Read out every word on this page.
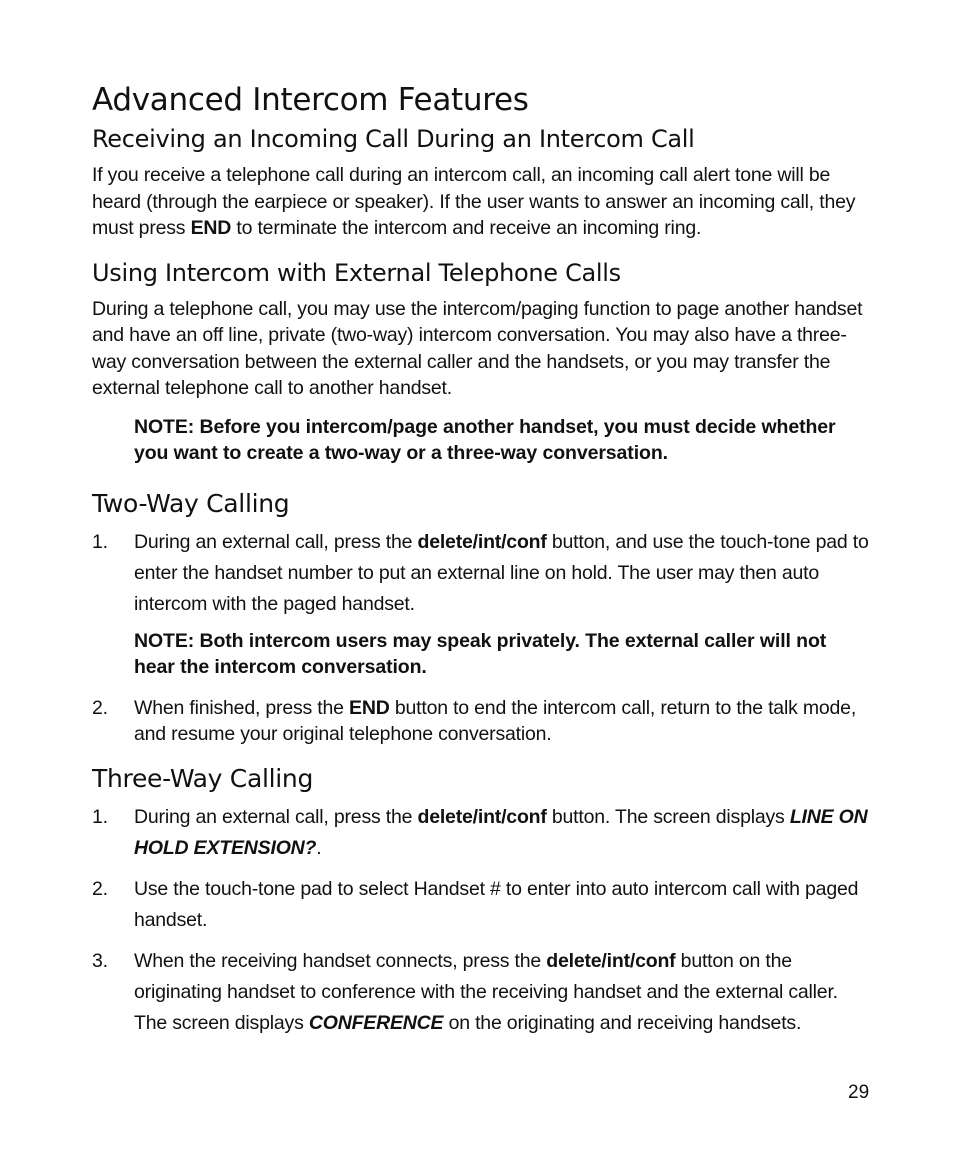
Advanced Intercom Features
Receiving an Incoming Call During an Intercom Call

If you receive a telephone call during an intercom call, an incoming call alert tone will be heard (through the earpiece or speaker). If the user wants to answer an incoming call, they must press END to terminate the intercom and receive an incoming ring.

Using Intercom with External Telephone Calls

During a telephone call, you may use the intercom/paging function to page another handset and have an off line, private (two-way) intercom conversation. You may also have a three-way conversation between the external caller and the handsets, or you may transfer the external telephone call to another handset.

NOTE: Before you intercom/page another handset, you must decide whether you want to create a two-way or a three-way conversation.
Two-Way Calling
1. During an external call, press the delete/int/conf button, and use the touch-tone pad to enter the handset number to put an external line on hold. The user may then auto intercom with the paged handset.
NOTE: Both intercom users may speak privately. The external caller will not hear the intercom conversation.
2. When finished, press the END button to end the intercom call, return to the talk mode, and resume your original telephone conversation.
Three-Way Calling
1. During an external call, press the delete/int/conf button. The screen displays LINE ON HOLD EXTENSION?.
2. Use the touch-tone pad to select Handset # to enter into auto intercom call with paged handset.
3. When the receiving handset connects, press the delete/int/conf button on the originating handset to conference with the receiving handset and the external caller. The screen displays CONFERENCE on the originating and receiving handsets.
29
